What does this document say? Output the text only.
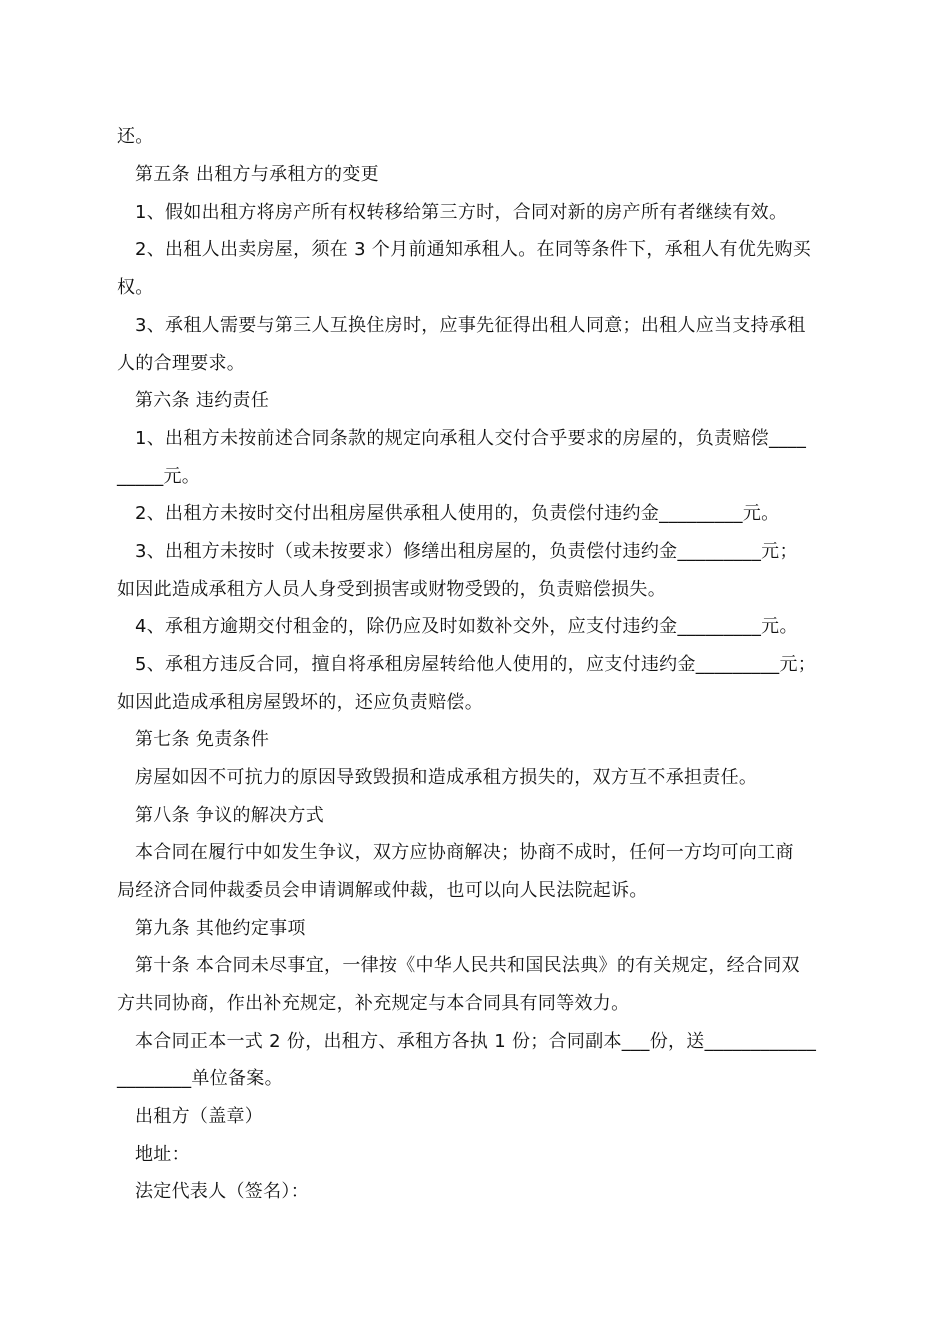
还。

第五条 出租方与承租方的变更

1、假如出租方将房产所有权转移给第三方时，合同对新的房产所有者继续有效。

2、出租人出卖房屋，须在 3 个月前通知承租人。在同等条件下，承租人有优先购买

权。

3、承租人需要与第三人互换住房时，应事先征得出租人同意；出租人应当支持承租

人的合理要求。

第六条 违约责任

1、出租方未按前述合同条款的规定向承租人交付合乎要求的房屋的，负责赔偿____

_____元。

2、出租方未按时交付出租房屋供承租人使用的，负责偿付违约金_________元。

3、出租方未按时（或未按要求）修缮出租房屋的，负责偿付违约金_________元；

如因此造成承租方人员人身受到损害或财物受毁的，负责赔偿损失。

4、承租方逾期交付租金的，除仍应及时如数补交外，应支付违约金_________元。

5、承租方违反合同，擅自将承租房屋转给他人使用的，应支付违约金_________元；

如因此造成承租房屋毁坏的，还应负责赔偿。

第七条 免责条件

房屋如因不可抗力的原因导致毁损和造成承租方损失的，双方互不承担责任。

第八条 争议的解决方式

本合同在履行中如发生争议，双方应协商解决；协商不成时，任何一方均可向工商

局经济合同仲裁委员会申请调解或仲裁，也可以向人民法院起诉。

第九条 其他约定事项

第十条 本合同未尽事宜，一律按《中华人民共和国民法典》的有关规定，经合同双

方共同协商，作出补充规定，补充规定与本合同具有同等效力。

本合同正本一式 2 份，出租方、承租方各执 1 份；合同副本___份，送____________

________单位备案。

出租方（盖章）

地址：

法定代表人（签名）：
